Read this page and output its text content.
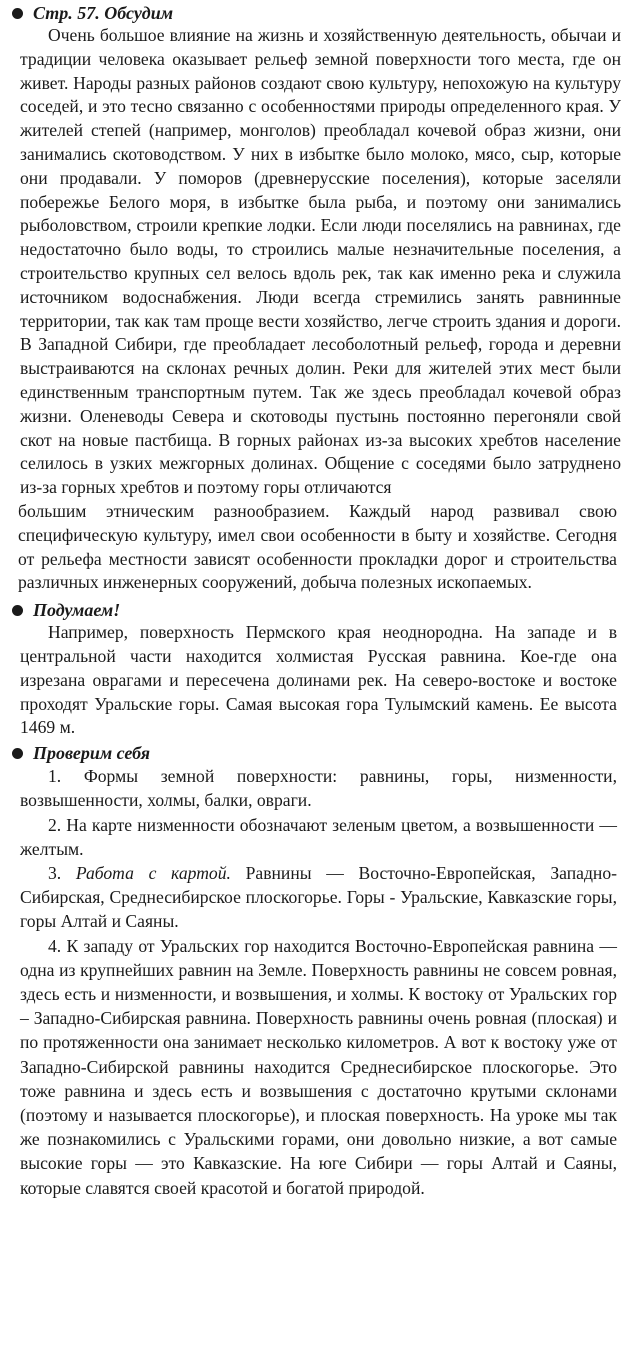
Стр. 57. Обсудим

Очень большое влияние на жизнь и хозяйственную деятельность, обычаи и традиции человека оказывает рельеф земной поверхности того места, где он живет. Народы разных районов создают свою культуру, непохожую на культуру соседей, и это тесно связанно с особенностями природы определенного края. У жителей степей (например, монголов) преобладал кочевой образ жизни, они занимались скотоводством. У них в избытке было молоко, мясо, сыр, которые они продавали. У поморов (древнерусские поселения), которые заселяли побережье Белого моря, в избытке была рыба, и поэтому они занимались рыболовством, строили крепкие лодки. Если люди поселялись на равнинах, где недостаточно было воды, то строились малые незначительные поселения, а строительство крупных сел велось вдоль рек, так как именно река и служила источником водоснабжения. Люди всегда стремились занять равнинные территории, так как там проще вести хозяйство, легче строить здания и дороги. В Западной Сибири, где преобладает лесоболотный рельеф, города и деревни выстраиваются на склонах речных долин. Реки для жителей этих мест были единственным транспортным путем. Так же здесь преобладал кочевой образ жизни. Оленеводы Севера и скотоводы пустынь постоянно перегоняли свой скот на новые пастбища. В горных районах из-за высоких хребтов население селилось в узких межгорных долинах. Общение с соседями было затруднено из-за горных хребтов и поэтому горы отличаются

большим этническим разнообразием. Каждый народ развивал свою специфическую культуру, имел свои особенности в быту и хозяйстве. Сегодня от рельефа местности зависят особенности прокладки дорог и строительства различных инженерных сооружений, добыча полезных ископаемых.

Подумаем!

Например, поверхность Пермского края неоднородна. На западе и в центральной части находится холмистая Русская равнина. Кое-где она изрезана оврагами и пересечена долинами рек. На северо-востоке и востоке проходят Уральские горы. Самая высокая гора Тулымский камень. Ее высота 1469 м.

Проверим себя

1. Формы земной поверхности: равнины, горы, низменности, возвышенности, холмы, балки, овраги.

2. На карте низменности обозначают зеленым цветом, а возвышенности — желтым.

3. Работа с картой. Равнины — Восточно-Европейская, Западно-Сибирская, Среднесибирское плоскогорье. Горы - Уральские, Кавказские горы, горы Алтай и Саяны.

4. К западу от Уральских гор находится Восточно-Европейская равнина — одна из крупнейших равнин на Земле. Поверхность равнины не совсем ровная, здесь есть и низменности, и возвышения, и холмы. К востоку от Уральских гор – Западно-Сибирская равнина. Поверхность равнины очень ровная (плоская) и по протяженности она занимает несколько километров. А вот к востоку уже от Западно-Сибирской равнины находится Среднесибирское плоскогорье. Это тоже равнина и здесь есть и возвышения с достаточно крутыми склонами (поэтому и называется плоскогорье), и плоская поверхность. На уроке мы так же познакомились с Уральскими горами, они довольно низкие, а вот самые высокие горы — это Кавказские. На юге Сибири — горы Алтай и Саяны, которые славятся своей красотой и богатой природой.
